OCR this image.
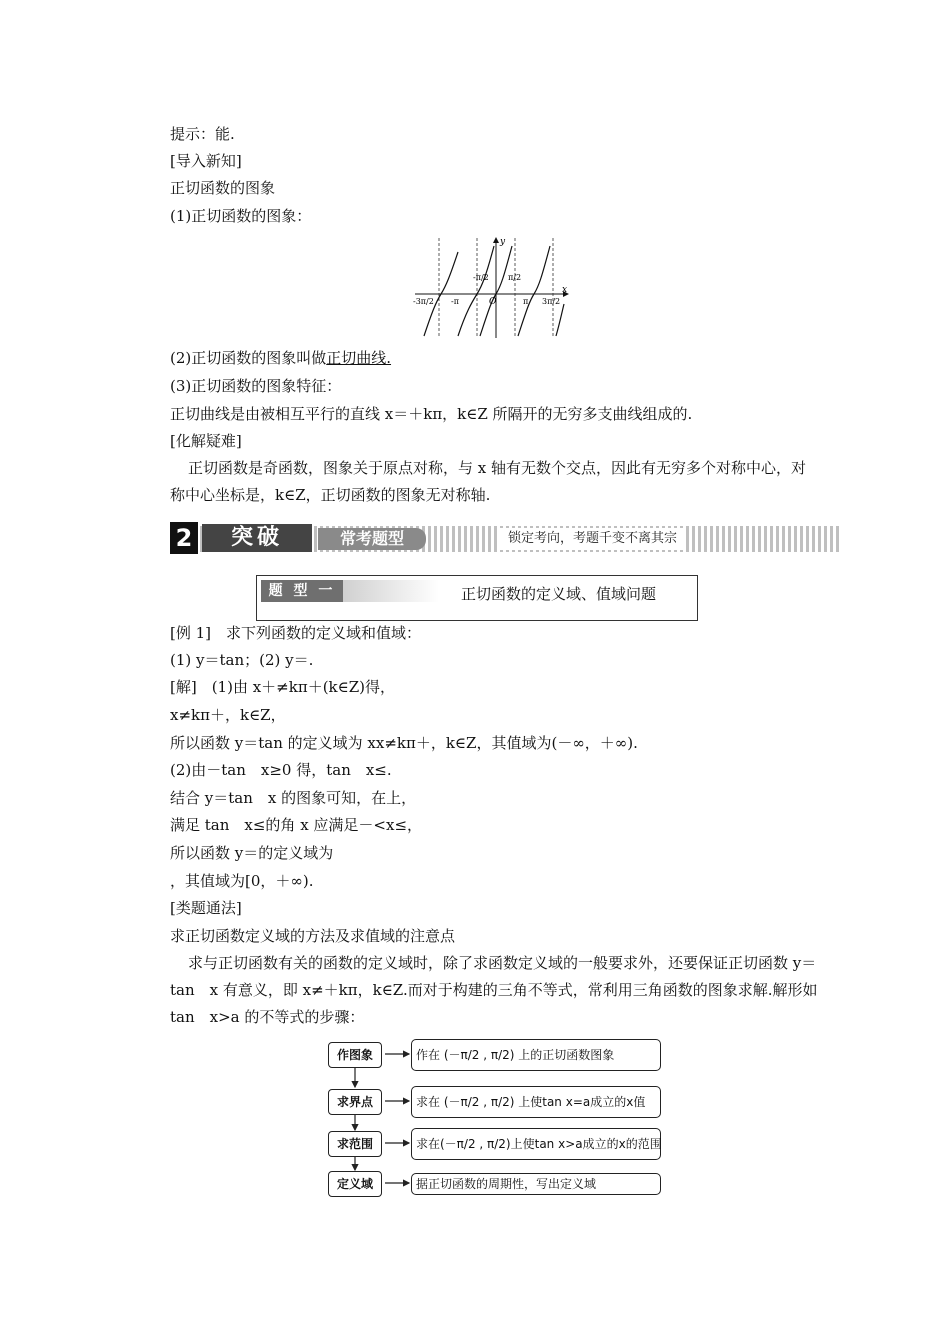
提示：能.
[导入新知]
正切函数的图象
(1)正切函数的图象：
y
x
O
-3π/2 -π	π 3π/2
-π/2 π/2
(2)正切函数的图象叫做正切曲线.
(3)正切函数的图象特征：
正切曲线是由被相互平行的直线 x＝＋kπ，k∈Z 所隔开的无穷多支曲线组成的.
[化解疑难]
正切函数是奇函数，图象关于原点对称，与 x 轴有无数个交点，因此有无穷多个对称中心，对称中心坐标是，k∈Z，正切函数的图象无对称轴.
2	突破	常考题型	锁定考向，考题千变不离其宗
题 型 一	正切函数的定义域、值域问题
[例 1]　求下列函数的定义域和值域：
(1) y＝tan；(2) y＝.
[解]　(1)由 x＋≠kπ＋(k∈Z)得，
x≠kπ＋，k∈Z，
所以函数 y＝tan 的定义域为 xx≠kπ＋，k∈Z，其值域为(－∞，＋∞).
(2)由－tan　x≥0 得，tan　x≤.
结合 y＝tan　x 的图象可知，在上，
满足 tan　x≤的角 x 应满足－<x≤，
所以函数 y＝的定义域为
，其值域为[0，＋∞).
[类题通法]
求正切函数定义域的方法及求值域的注意点
求与正切函数有关的函数的定义域时，除了求函数定义域的一般要求外，还要保证正切函数 y＝tan　x 有意义，即 x≠＋kπ，k∈Z.而对于构建的三角不等式，常利用三角函数的图象求解.解形如 tan　x>a 的不等式的步骤：
作图象	作在 (－π/2 , π/2) 上的正切函数图象
求界点	求在 (－π/2 , π/2) 上使tan x=a成立的x值
求范围	求在(－π/2 , π/2)上使tan x>a成立的x的范围
定义域	据正切函数的周期性，写出定义域
